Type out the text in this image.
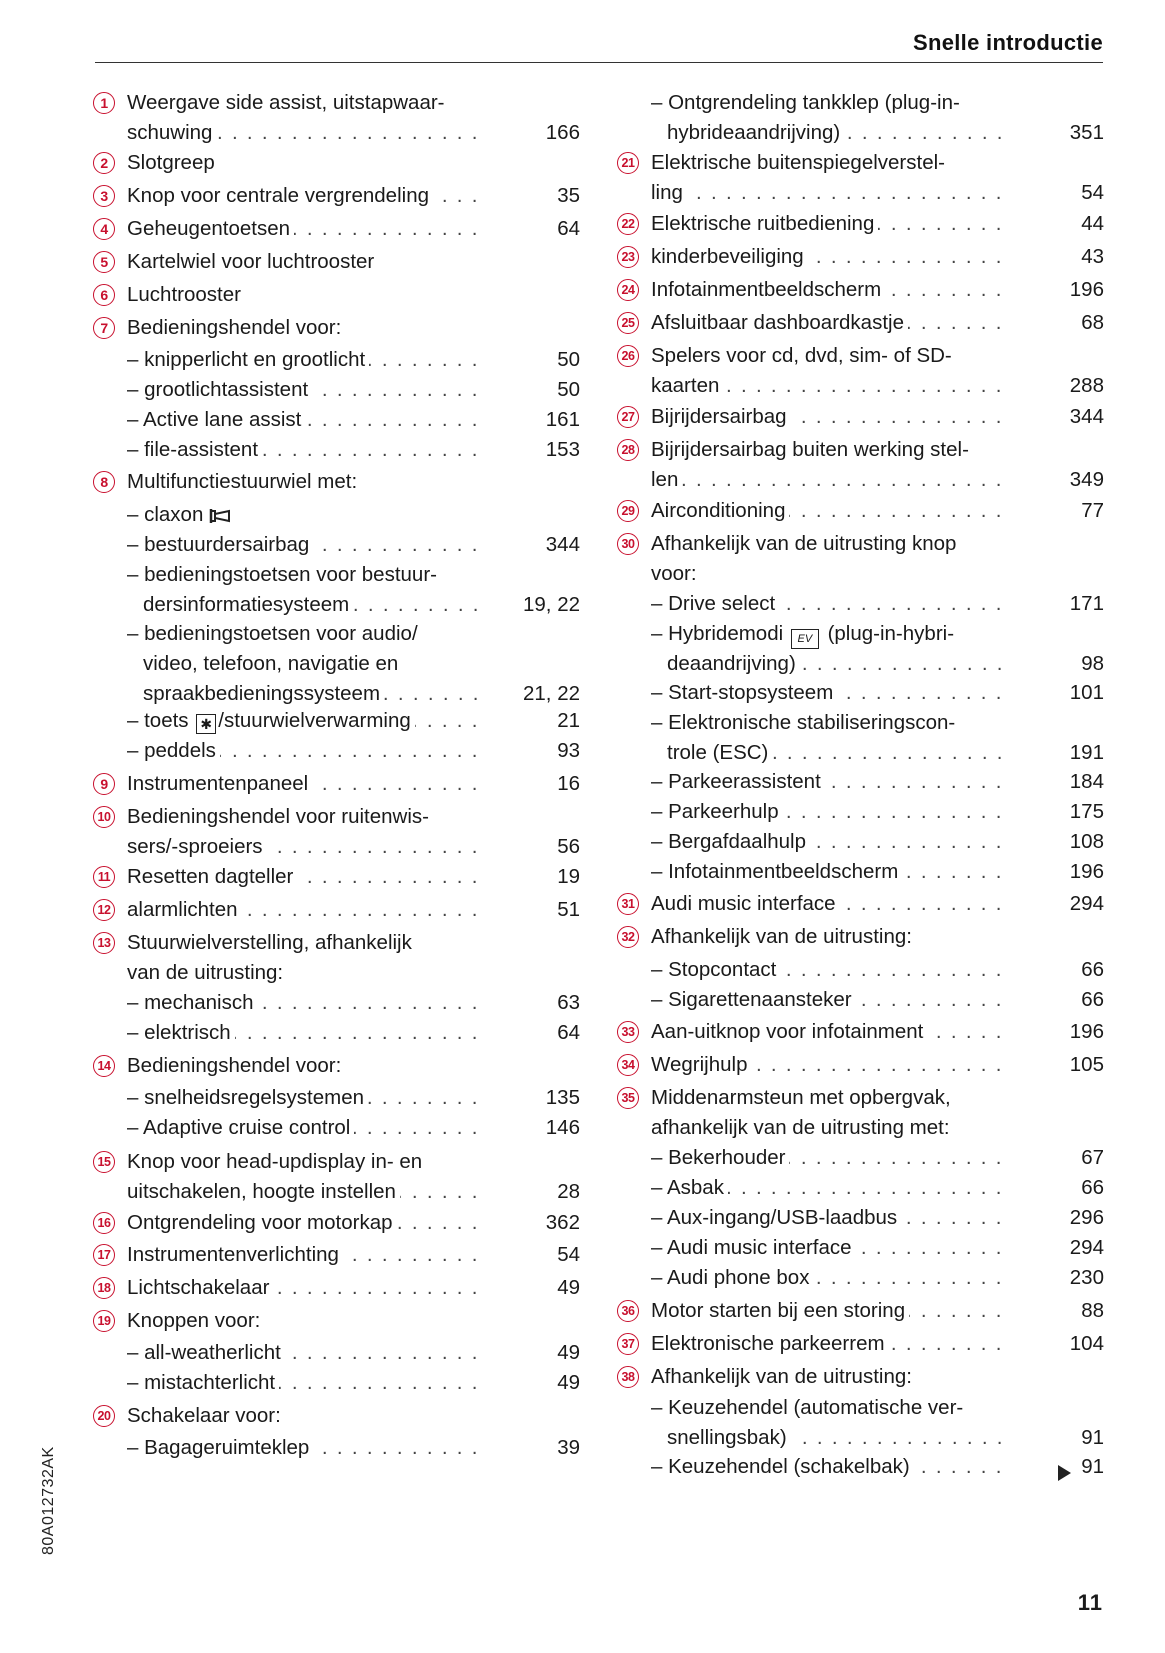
Snelle introductie
1 Weergave side assist, uitstapwaar-
. . .
schuwing	166
2 Slotgreep
3 . . . Knop voor centrale vergrendeling	35
4 . . . Geheugentoetsen	64
5 Kartelwiel voor luchtrooster
6 Luchtrooster
7 Bedieningshendel voor:
. . .
– knipperlicht en grootlicht	50
. . .
– grootlichtassistent	50
. . .
– Active lane assist	161
. . .
– file-assistent	153
8 Multifunctiestuurwiel met:
– claxon
. . .
– bestuurdersairbag	344
– bedieningstoetsen voor bestuur-
. . .
dersinformatiesysteem	19, 22
– bedieningstoetsen voor audio/
video, telefoon, navigatie en
. . .
spraakbedieningssysteem	21, 22
. . .
– toets ✱ /stuurwielverwarming	21
. . .
– peddels	93
9 . . . Instrumentenpaneel	16
10 Bedieningshendel voor ruitenwis-
. . .
sers/-sproeiers	56
11 . . . Resetten dagteller	19
12 . . . alarmlichten	51
13 Stuurwielverstelling, afhankelijk
van de uitrusting:
. . .
– mechanisch	63
. . .
– elektrisch	64
14 Bedieningshendel voor:
. . .
– snelheidsregelsystemen	135
. . .
– Adaptive cruise control	146
15 Knop voor head-updisplay in- en
. . .
uitschakelen, hoogte instellen	28
16 . . . Ontgrendeling voor motorkap	362
17 . . . Instrumentenverlichting	54
18 . . . Lichtschakelaar	49
19 Knoppen voor:
. . .
– all-weatherlicht	49
. . .
– mistachterlicht	49
20 Schakelaar voor:
. . .
– Bagageruimteklep	39
– Ontgrendeling tankklep (plug-in-
. . .
hybrideaandrijving)	351
21 Elektrische buitenspiegelverstel-
. . .
ling	54
22 . . . Elektrische ruitbediening	44
23 . . . kinderbeveiliging	43
24 . . . Infotainmentbeeldscherm	196
25 . . . Afsluitbaar dashboardkastje	68
26 Spelers voor cd, dvd, sim- of SD-
. . .
kaarten	288
27 . . . Bijrijdersairbag	344
28 Bijrijdersairbag buiten werking stel-
. . .
len	349
29 . . . Airconditioning	77
30 Afhankelijk van de uitrusting knop
voor:
. . .
– Drive select	171
– Hybridemodi EV (plug-in-hybri-
. . .
deaandrijving)	98
. . .
– Start-stopsysteem	101
– Elektronische stabiliseringscon-
. . .
trole (ESC)	191
. . .
– Parkeerassistent	184
. . .
– Parkeerhulp	175
. . .
– Bergafdaalhulp	108
. . .
– Infotainmentbeeldscherm	196
31 . . . Audi music interface	294
32 Afhankelijk van de uitrusting:
. . .
– Stopcontact	66
. . .
– Sigarettenaansteker	66
33 . . . Aan-uitknop voor infotainment	196
34 . . . Wegrijhulp	105
35 Middenarmsteun met opbergvak,
afhankelijk van de uitrusting met:
. . .
– Bekerhouder	67
. . .
– Asbak	66
. . .
– Aux-ingang/USB-laadbus	296
. . .
– Audi music interface	294
. . .
– Audi phone box	230
36 . . . Motor starten bij een storing	88
37 . . . Elektronische parkeerrem	104
38 Afhankelijk van de uitrusting:
– Keuzehendel (automatische ver-
. . .
snellingsbak)	91
. . .
– Keuzehendel (schakelbak)	91
80A012732AK
11
